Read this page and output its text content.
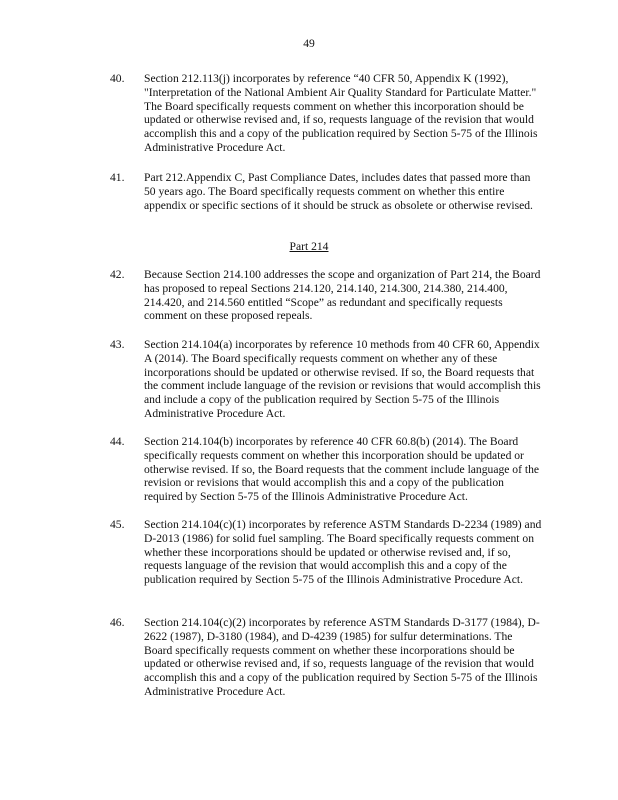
49
40. Section 212.113(j) incorporates by reference “40 CFR 50, Appendix K (1992), "Interpretation of the National Ambient Air Quality Standard for Particulate Matter." The Board specifically requests comment on whether this incorporation should be updated or otherwise revised and, if so, requests language of the revision that would accomplish this and a copy of the publication required by Section 5-75 of the Illinois Administrative Procedure Act.
41. Part 212.Appendix C, Past Compliance Dates, includes dates that passed more than 50 years ago. The Board specifically requests comment on whether this entire appendix or specific sections of it should be struck as obsolete or otherwise revised.
Part 214
42. Because Section 214.100 addresses the scope and organization of Part 214, the Board has proposed to repeal Sections 214.120, 214.140, 214.300, 214.380, 214.400, 214.420, and 214.560 entitled “Scope” as redundant and specifically requests comment on these proposed repeals.
43. Section 214.104(a) incorporates by reference 10 methods from 40 CFR 60, Appendix A (2014). The Board specifically requests comment on whether any of these incorporations should be updated or otherwise revised. If so, the Board requests that the comment include language of the revision or revisions that would accomplish this and include a copy of the publication required by Section 5-75 of the Illinois Administrative Procedure Act.
44. Section 214.104(b) incorporates by reference 40 CFR 60.8(b) (2014). The Board specifically requests comment on whether this incorporation should be updated or otherwise revised. If so, the Board requests that the comment include language of the revision or revisions that would accomplish this and a copy of the publication required by Section 5-75 of the Illinois Administrative Procedure Act.
45. Section 214.104(c)(1) incorporates by reference ASTM Standards D-2234 (1989) and D-2013 (1986) for solid fuel sampling. The Board specifically requests comment on whether these incorporations should be updated or otherwise revised and, if so, requests language of the revision that would accomplish this and a copy of the publication required by Section 5-75 of the Illinois Administrative Procedure Act.
46. Section 214.104(c)(2) incorporates by reference ASTM Standards D-3177 (1984), D-2622 (1987), D-3180 (1984), and D-4239 (1985) for sulfur determinations. The Board specifically requests comment on whether these incorporations should be updated or otherwise revised and, if so, requests language of the revision that would accomplish this and a copy of the publication required by Section 5-75 of the Illinois Administrative Procedure Act.
